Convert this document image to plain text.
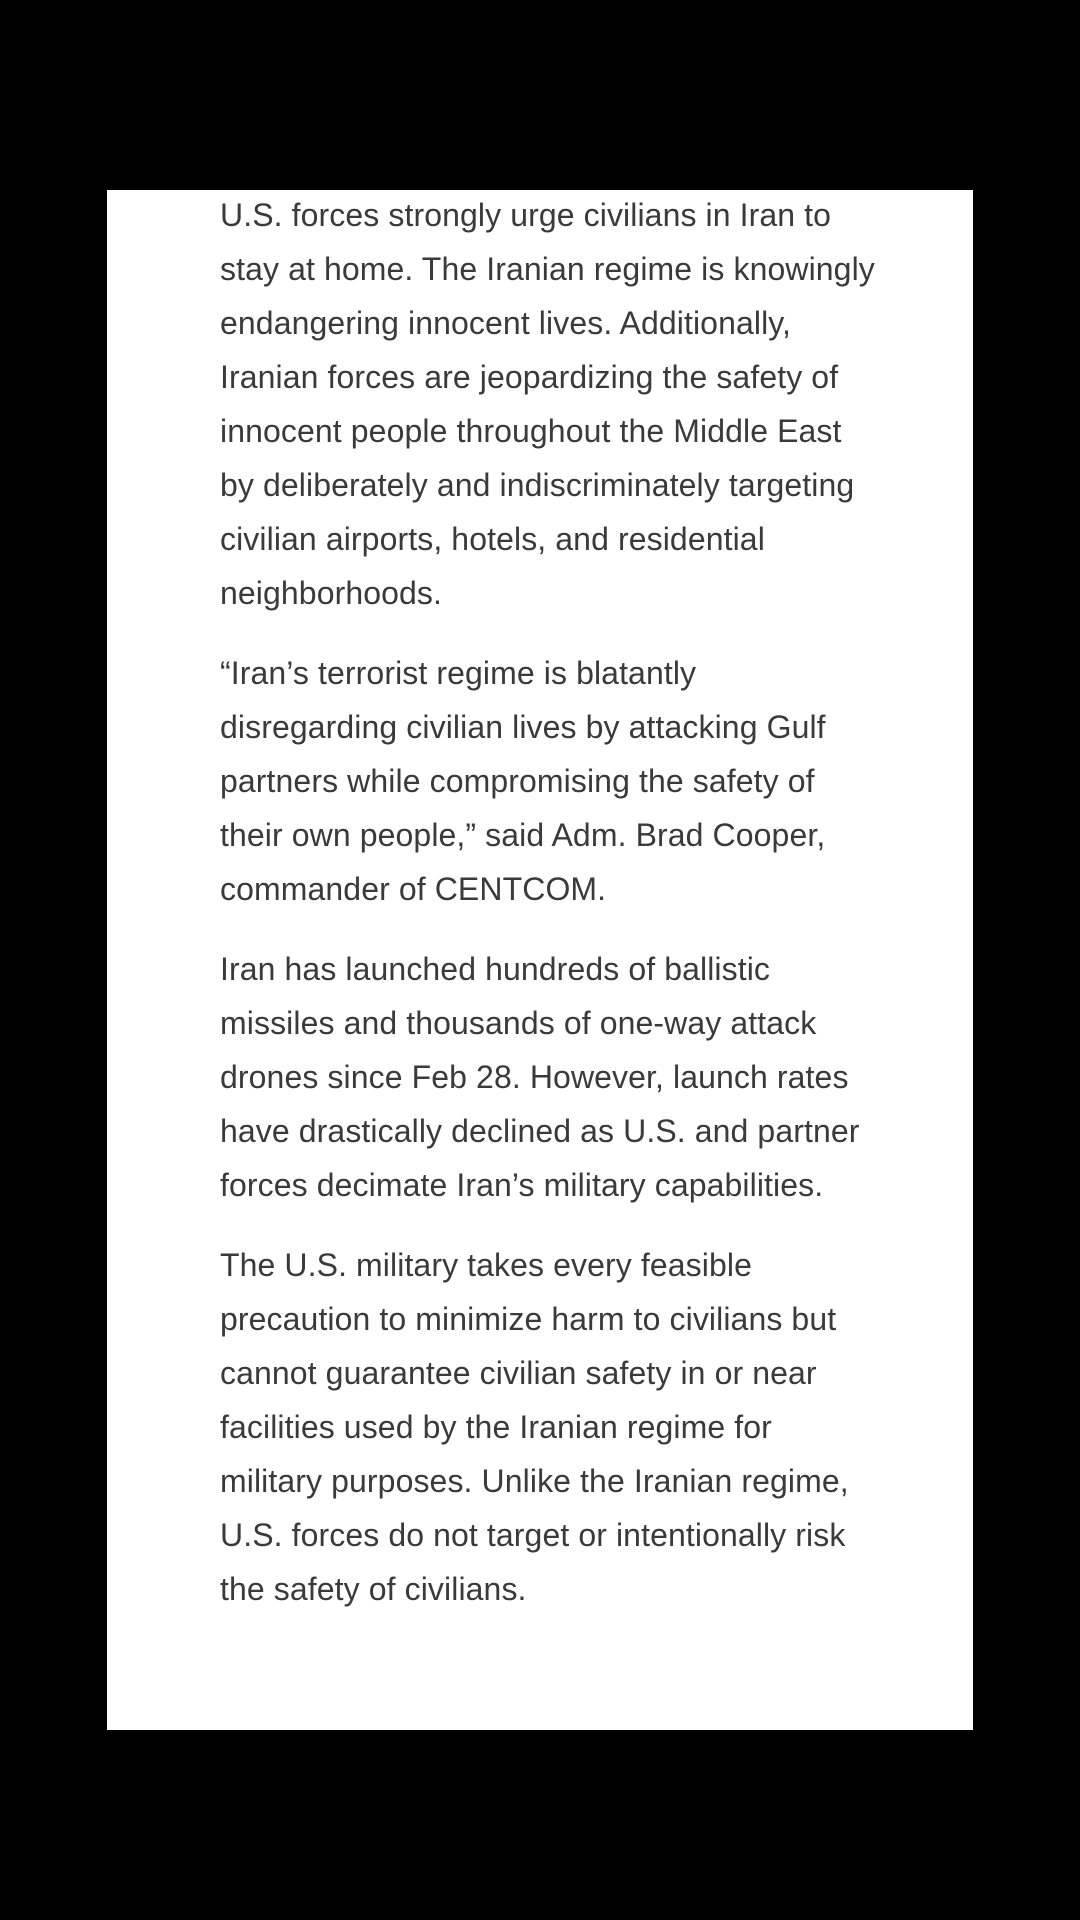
U.S. forces strongly urge civilians in Iran to stay at home. The Iranian regime is knowingly endangering innocent lives. Additionally, Iranian forces are jeopardizing the safety of innocent people throughout the Middle East by deliberately and indiscriminately targeting civilian airports, hotels, and residential neighborhoods.

“Iran’s terrorist regime is blatantly disregarding civilian lives by attacking Gulf partners while compromising the safety of their own people,” said Adm. Brad Cooper, commander of CENTCOM.

Iran has launched hundreds of ballistic missiles and thousands of one-way attack drones since Feb 28. However, launch rates have drastically declined as U.S. and partner forces decimate Iran’s military capabilities.

The U.S. military takes every feasible precaution to minimize harm to civilians but cannot guarantee civilian safety in or near facilities used by the Iranian regime for military purposes. Unlike the Iranian regime, U.S. forces do not target or intentionally risk the safety of civilians.
